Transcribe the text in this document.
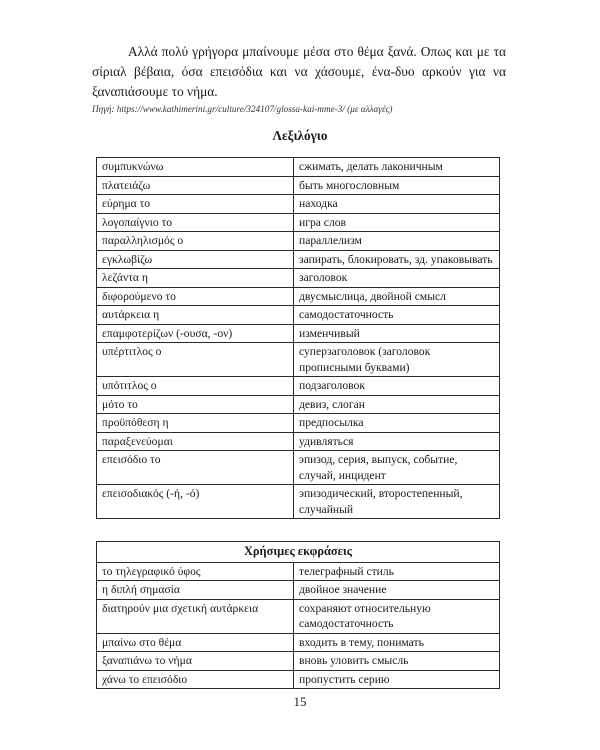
Αλλά πολύ γρήγορα μπαίνουμε μέσα στο θέμα ξανά. Οπως και με τα σίριαλ βέβαια, όσα επεισόδια και να χάσουμε, ένα-δυο αρκούν για να ξαναπιάσουμε το νήμα.

Πηγή: https://www.kathimerini.gr/culture/324107/glossa-kai-mme-3/ (με αλλαγές)

Λεξιλόγιο
συμπυκνώνω	сжимать, делать лаконичным
πλατειάζω	быть многословным
εύρημα το	находка
λογοπαίγνιο το	игра слов
παραλληλισμός ο	параллелизм
εγκλωβίζω	запирать, блокировать, зд. упаковывать
λεζάντα η	заголовок
διφορούμενο το	двусмыслица, двойной смысл
αυτάρκεια η	самодостаточность
επαμφοτερίζων (-ουσα, -ον)	изменчивый
υπέρτιτλος ο	суперзаголовок (заголовок прописными буквами)
υπότιτλος ο	подзаголовок
μότο το	девиз, слоган
προϋπόθεση η	предпосылка
παραξενεύομαι	удивляться
επεισόδιο το	эпизод, серия, выпуск, событие, случай, инцидент
επεισοδιακός (-ή, -ό)	эпизодический, второстепенный, случайный
Χρήσιμες εκφράσεις	
το τηλεγραφικό ύφος	телеграфный стиль
η διπλή σημασία	двойное значение
διατηρούν μια σχετική αυτάρκεια	сохраняют относительную самодостаточность
μπαίνω στο θέμα	входить в тему, понимать
ξαναπιάνω το νήμα	вновь уловить смысль
χάνω το επεισόδιο	пропустить серию

15
